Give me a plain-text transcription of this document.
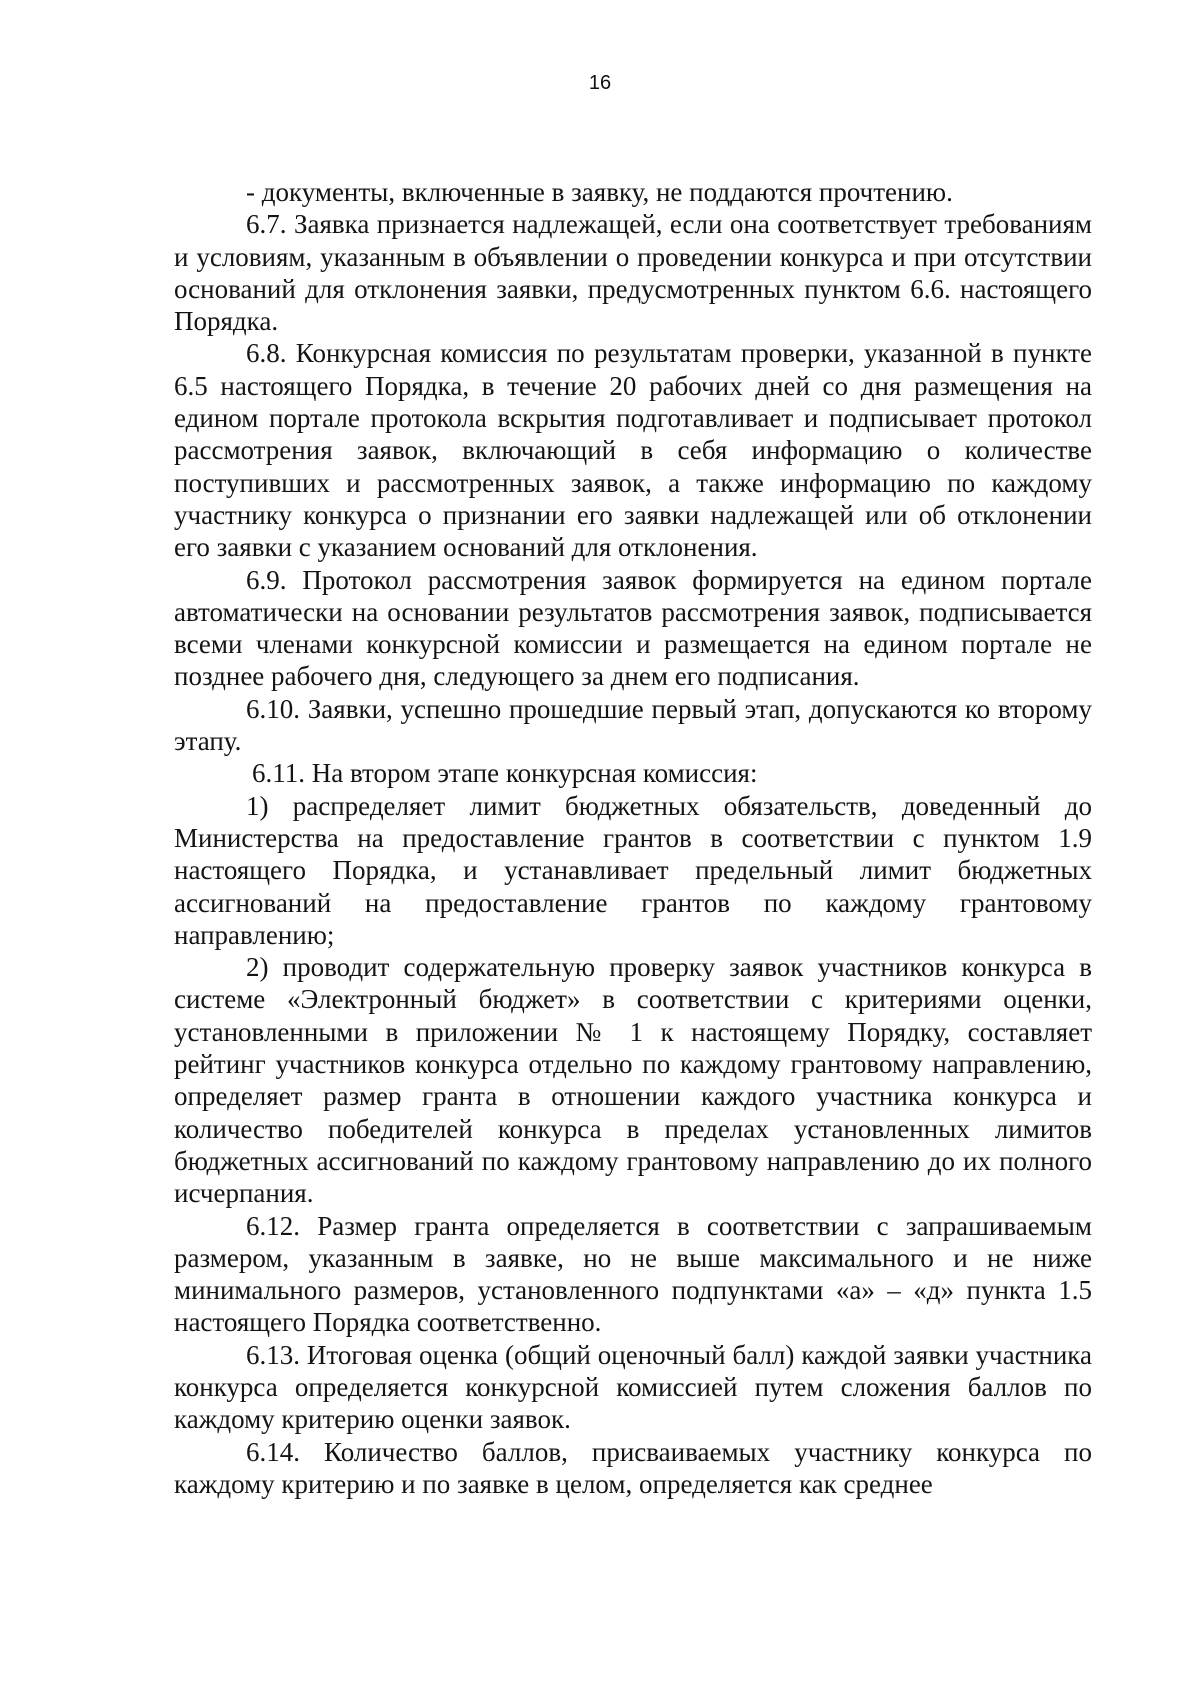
16

- документы, включенные в заявку, не поддаются прочтению.

6.7. Заявка признается надлежащей, если она соответствует требованиям и условиям, указанным в объявлении о проведении конкурса и при отсутствии оснований для отклонения заявки, предусмотренных пунктом 6.6. настоящего Порядка.

6.8. Конкурсная комиссия по результатам проверки, указанной в пункте 6.5 настоящего Порядка, в течение 20 рабочих дней со дня размещения на едином портале протокола вскрытия подготавливает и подписывает протокол рассмотрения заявок, включающий в себя информацию о количестве поступивших и рассмотренных заявок, а также информацию по каждому участнику конкурса о признании его заявки надлежащей или об отклонении его заявки с указанием оснований для отклонения.

6.9. Протокол рассмотрения заявок формируется на едином портале автоматически на основании результатов рассмотрения заявок, подписывается всеми членами конкурсной комиссии и размещается на едином портале не позднее рабочего дня, следующего за днем его подписания.

6.10. Заявки, успешно прошедшие первый этап, допускаются ко второму этапу.

6.11. На втором этапе конкурсная комиссия:

1) распределяет лимит бюджетных обязательств, доведенный до Министерства на предоставление грантов в соответствии с пунктом 1.9 настоящего Порядка, и устанавливает предельный лимит бюджетных ассигнований на предоставление грантов по каждому грантовому направлению;

2) проводит содержательную проверку заявок участников конкурса в системе «Электронный бюджет» в соответствии с критериями оценки, установленными в приложении № 1 к настоящему Порядку, составляет рейтинг участников конкурса отдельно по каждому грантовому направлению, определяет размер гранта в отношении каждого участника конкурса и количество победителей конкурса в пределах установленных лимитов бюджетных ассигнований по каждому грантовому направлению до их полного исчерпания.

6.12. Размер гранта определяется в соответствии с запрашиваемым размером, указанным в заявке, но не выше максимального и не ниже минимального размеров, установленного подпунктами «а» – «д» пункта 1.5 настоящего Порядка соответственно.

6.13. Итоговая оценка (общий оценочный балл) каждой заявки участника конкурса определяется конкурсной комиссией путем сложения баллов по каждому критерию оценки заявок.

6.14. Количество баллов, присваиваемых участнику конкурса по каждому критерию и по заявке в целом, определяется как среднее
